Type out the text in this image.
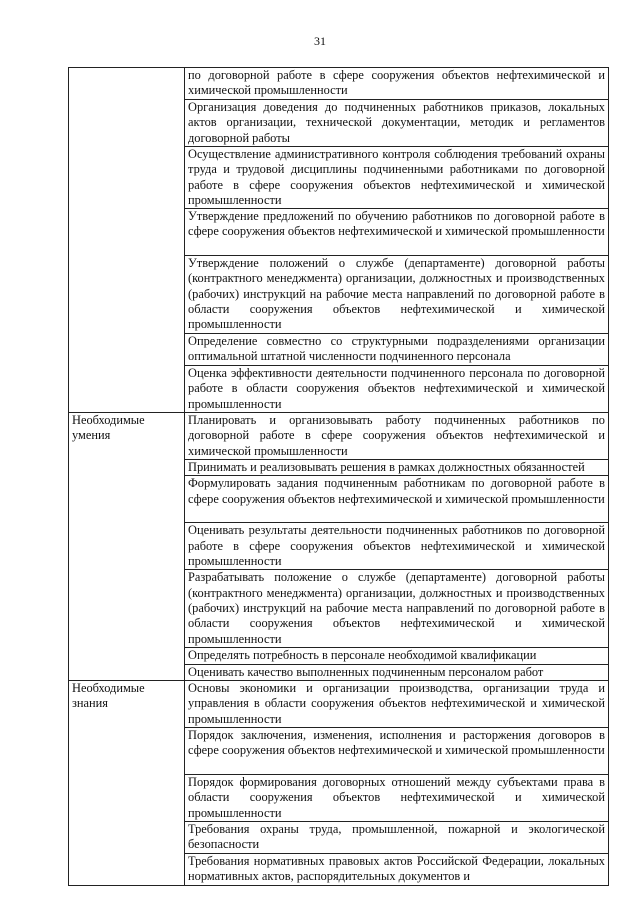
31
	по договорной работе в сфере сооружения объектов нефтехимической и химической промышленности
	Организация доведения до подчиненных работников приказов, локальных актов организации, технической документации, методик и регламентов договорной работы
	Осуществление административного контроля соблюдения требований охраны труда и трудовой дисциплины подчиненными работниками по договорной работе в сфере сооружения объектов нефтехимической и химической промышленности
	Утверждение предложений по обучению работников по договорной работе в сфере сооружения объектов нефтехимической и химической промышленности
	Утверждение положений о службе (департаменте) договорной работы (контрактного менеджмента) организации, должностных и производственных (рабочих) инструкций на рабочие места направлений по договорной работе в области сооружения объектов нефтехимической и химической промышленности
	Определение совместно со структурными подразделениями организации оптимальной штатной численности подчиненного персонала
	Оценка эффективности деятельности подчиненного персонала по договорной работе в области сооружения объектов нефтехимической и химической промышленности
Необходимые умения	Планировать и организовывать работу подчиненных работников по договорной работе в сфере сооружения объектов нефтехимической и химической промышленности
	Принимать и реализовывать решения в рамках должностных обязанностей
	Формулировать задания подчиненным работникам по договорной работе в сфере сооружения объектов нефтехимической и химической промышленности
	Оценивать результаты деятельности подчиненных работников по договорной работе в сфере сооружения объектов нефтехимической и химической промышленности
	Разрабатывать положение о службе (департаменте) договорной работы (контрактного менеджмента) организации, должностных и производственных (рабочих) инструкций на рабочие места направлений по договорной работе в области сооружения объектов нефтехимической и химической промышленности
	Определять потребность в персонале необходимой квалификации
	Оценивать качество выполненных подчиненным персоналом работ
Необходимые знания	Основы экономики и организации производства, организации труда и управления в области сооружения объектов нефтехимической и химической промышленности
	Порядок заключения, изменения, исполнения и расторжения договоров в сфере сооружения объектов нефтехимической и химической промышленности
	Порядок формирования договорных отношений между субъектами права в области сооружения объектов нефтехимической и химической промышленности
	Требования охраны труда, промышленной, пожарной и экологической безопасности
	Требования нормативных правовых актов Российской Федерации, локальных нормативных актов, распорядительных документов и
